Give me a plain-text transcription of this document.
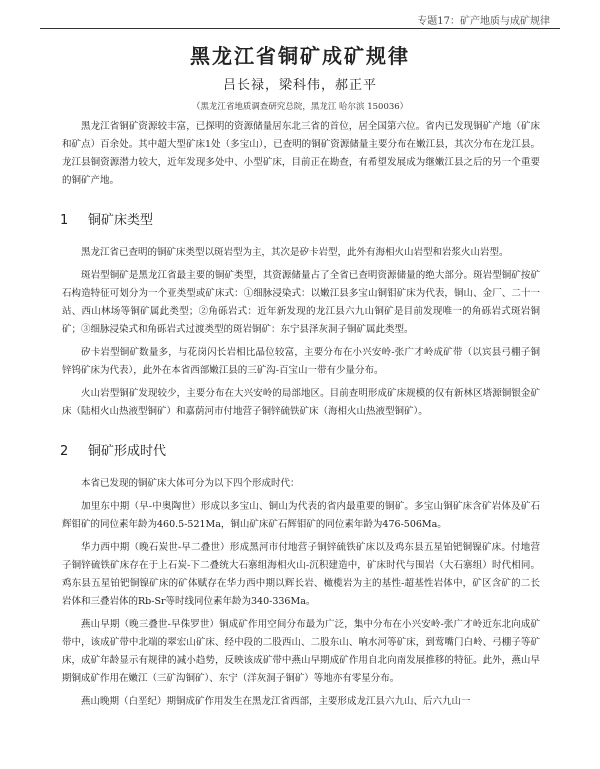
专题17：矿产地质与成矿规律
黑龙江省铜矿成矿规律
吕长禄，梁科伟，郝正平
（黑龙江省地质调查研究总院，黑龙江 哈尔滨 150036）

黑龙江省铜矿资源较丰富，已探明的资源储量居东北三省的首位，居全国第六位。省内已发现铜矿产地（矿床和矿点）百余处。其中超大型矿床1处（多宝山），已查明的铜矿资源储量主要分布在嫩江县，其次分布在龙江县。龙江县铜资源潜力较大，近年发现多处中、小型矿床，目前正在勘查，有希望发展成为继嫩江县之后的另一个重要的铜矿产地。

1 铜矿床类型

黑龙江省已查明的铜矿床类型以斑岩型为主，其次是矽卡岩型，此外有海相火山岩型和岩浆火山岩型。

斑岩型铜矿是黑龙江省最主要的铜矿类型，其资源储量占了全省已查明资源储量的绝大部分。斑岩型铜矿按矿石构造特征可划分为一个亚类型或矿床式：①细脉浸染式：以嫩江县多宝山铜钼矿床为代表，铜山、金厂、二十一站、西山林场等铜矿属此类型；②角砾岩式：近年新发现的龙江县六九山铜矿是目前发现唯一的角砾岩式斑岩铜矿；③细脉浸染式和角砾岩式过渡类型的斑岩铜矿：东宁县泽灰洞子铜矿属此类型。

矽卡岩型铜矿数量多，与花岗闪长岩相比晶位较富，主要分布在小兴安岭-张广才岭成矿带（以宾县弓棚子铜锌钨矿床为代表），此外在本省西部嫩江县的三矿沟-百宝山一带有少量分布。

火山岩型铜矿发现较少，主要分布在大兴安岭的局部地区。目前查明形成矿床规模的仅有新林区塔源铜银金矿床（陆相火山热液型铜矿）和嘉荫河市付地营子铜锌硫铁矿床（海相火山热液型铜矿）。

2 铜矿形成时代

本省已发现的铜矿床大体可分为以下四个形成时代：

加里东中期（早-中奥陶世）形成以多宝山、铜山为代表的省内最重要的铜矿。多宝山铜矿床含矿岩体及矿石辉钼矿的同位素年龄为460.5-521Ma，铜山矿床矿石辉钼矿的同位素年龄为476-506Ma。

华力西中期（晚石炭世-早二叠世）形成黑河市付地营子铜锌硫铁矿床以及鸡东县五星铂钯铜镍矿床。付地营子铜锌硫铁矿床存在于上石炭-下二叠统大石寨组海相火山-沉积建造中，矿床时代与围岩（大石寨组）时代相同。鸡东县五星铂钯铜镍矿床的矿体赋存在华力西中期以辉长岩、橄榄岩为主的基性-超基性岩体中，矿区含矿的二长岩体和三叠岩体的Rb-Sr等时线同位素年龄为340-336Ma。

燕山早期（晚三叠世-早侏罗世）铜成矿作用空间分布最为广泛，集中分布在小兴安岭-张广才岭近东北向成矿带中，该成矿带中北端的翠宏山矿床、经中段的二股西山、二股东山、响水河等矿床，到莺嘴门白岭、弓棚子等矿床，成矿年龄显示有规律的减小趋势，反映该成矿带中燕山早期成矿作用自北向南发展推移的特征。此外，燕山早期铜成矿作用在嫩江（三矿沟铜矿）、东宁（洋灰洞子铜矿）等地亦有零星分布。

燕山晚期（白垩纪）期铜成矿作用发生在黑龙江省西部，主要形成龙江县六九山、后六九山一
